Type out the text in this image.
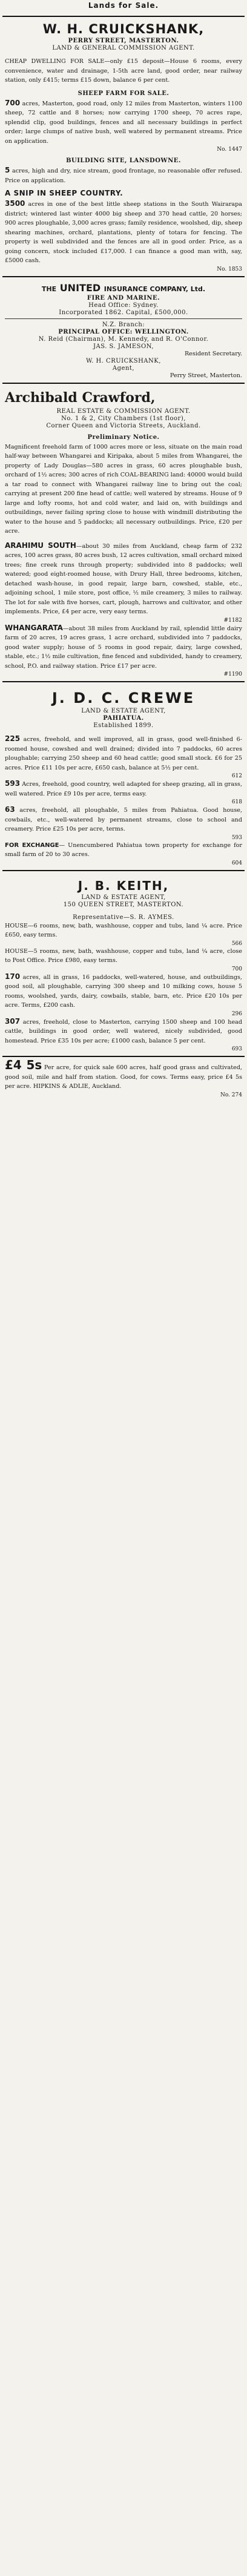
Lands for Sale.
W. H. CRUICKSHANK,
PERRY STREET, MASTERTON.
LAND & GENERAL COMMISSION AGENT.

CHEAP DWELLING FOR SALE—only £15 deposit—House 6 rooms, every convenience, water and drainage, 1-5th acre land, good order, near railway station, only £415; terms £15 down, balance 6 per cent.

SHEEP FARM FOR SALE.

700 acres, Masterton, good road, only 12 miles from Masterton, winters 1100 sheep, 72 cattle and 8 horses; now carrying 1700 sheep, 70 acres rape, splendid clip, good buildings, fences and all necessary buildings in perfect order; large clumps of native bush, well watered by permanent streams. Price on application.

No. 1447
BUILDING SITE, LANSDOWNE.

5 acres, high and dry, nice stream, good frontage, no reasonable offer refused. Price on application.

A SNIP IN SHEEP COUNTRY.

3500 acres in one of the best little sheep stations in the South Wairarapa district; wintered last winter 4000 big sheep and 370 head cattle, 20 horses; 900 acres ploughable, 3,000 acres grass; family residence, woolshed, dip, sheep shearing machines, orchard, plantations, plenty of totara for fencing. The property is well subdivided and the fences are all in good order. Price, as a going concern, stock included £17,000. I can finance a good man with, say, £5000 cash.

No. 1853
THE UNITED INSURANCE COMPANY, Ltd.
FIRE AND MARINE.
Head Office: Sydney.
Incorporated 1862. Capital, £500,000.
N.Z. Branch:
PRINCIPAL OFFICE: WELLINGTON.
N. Reid (Chairman), M. Kennedy, and R. O'Connor.
JAS. S. JAMESON,
Resident Secretary.
W. H. CRUICKSHANK,
Agent,
Perry Street, Masterton.
Archibald Crawford,
REAL ESTATE & COMMISSION AGENT.
No. 1 & 2, City Chambers (1st floor),
Corner Queen and Victoria Streets, Auckland.
Preliminary Notice.

Magnificent freehold farm of 1000 acres more or less, situate on the main road half-way between Whangarei and Kiripaka, about 5 miles from Whangarei, the property of Lady Douglas—580 acres in grass, 60 acres ploughable bush, orchard of 1½ acres; 300 acres of rich COAL-BEARING land: 40000 would build a tar road to connect with Whangarei railway line to bring out the coal; carrying at present 200 fine head of cattle; well watered by streams. House of 9 large and lofty rooms, hot and cold water, and laid on, with buildings and outbuildings, never failing spring close to house with windmill distributing the water to the house and 5 paddocks; all necessary outbuildings. Price, £20 per acre.

ARAHIMU SOUTH—about 30 miles from Auckland, cheap farm of 232 acres, 100 acres grass, 80 acres bush, 12 acres cultivation, small orchard mixed trees; fine creek runs through property; subdivided into 8 paddocks; well watered; good eight-roomed house, with Drury Hall, three bedrooms, kitchen, detached wash-house, in good repair, large barn, cowshed, stable, etc., adjoining school, 1 mile store, post office, ½ mile creamery, 3 miles to railway. The lot for sale with five horses, cart, plough, harrows and cultivator, and other implements. Price, £4 per acre, very easy terms.

#1182

WHANGARATA—about 38 miles from Auckland by rail, splendid little dairy farm of 20 acres, 19 acres grass, 1 acre orchard, subdivided into 7 paddocks, good water supply; house of 5 rooms in good repair, dairy, large cowshed, stable, etc.; 1½ mile cultivation, fine fenced and subdivided, handy to creamery, school, P.O. and railway station. Price £17 per acre.

#1190
J. D. C. CREWE
LAND & ESTATE AGENT,
PAHIATUA.
Established 1899.

225 acres, freehold, and well improved, all in grass, good well-finished 6-roomed house, cowshed and well drained; divided into 7 paddocks, 60 acres ploughable; carrying 250 sheep and 60 head cattle; good small stock. £6 for 25 acres. Price £11 10s per acre, £650 cash, balance at 5½ per cent.

612

593 Acres, freehold, good country, well adapted for sheep grazing, all in grass, well watered. Price £9 10s per acre, terms easy.

618

63 acres, freehold, all ploughable, 5 miles from Pahiatua. Good house, cowbails, etc., well-watered by permanent streams, close to school and creamery. Price £25 10s per acre, terms.

593

FOR EXCHANGE— Unencumbered Pahiatua town property for exchange for small farm of 20 to 30 acres.

604
J. B. KEITH,
LAND & ESTATE AGENT,
150 QUEEN STREET, MASTERTON.
Representative—S. R. AYMES.

HOUSE—6 rooms, new, bath, washhouse, copper and tubs, land ¼ acre. Price £650, easy terms.

566

HOUSE—5 rooms, new, bath, washhouse, copper and tubs, land ¼ acre, close to Post Office. Price £980, easy terms.

700

170 acres, all in grass, 16 paddocks, well-watered, house, and outbuildings, good soil, all ploughable, carrying 300 sheep and 10 milking cows, house 5 rooms, woolshed, yards, dairy, cowbails, stable, barn, etc. Price £20 10s per acre. Terms, £200 cash.

296

307 acres, freehold, close to Masterton, carrying 1500 sheep and 100 head cattle, buildings in good order, well watered, nicely subdivided, good homestead. Price £35 10s per acre; £1000 cash, balance 5 per cent.

693

£4 5s Per acre, for quick sale 600 acres, half good grass and cultivated, good soil, mile and half from station. Good, for cows. Terms easy, price £4 5s per acre. HIPKINS & ADLIE, Auckland.

No. 274
